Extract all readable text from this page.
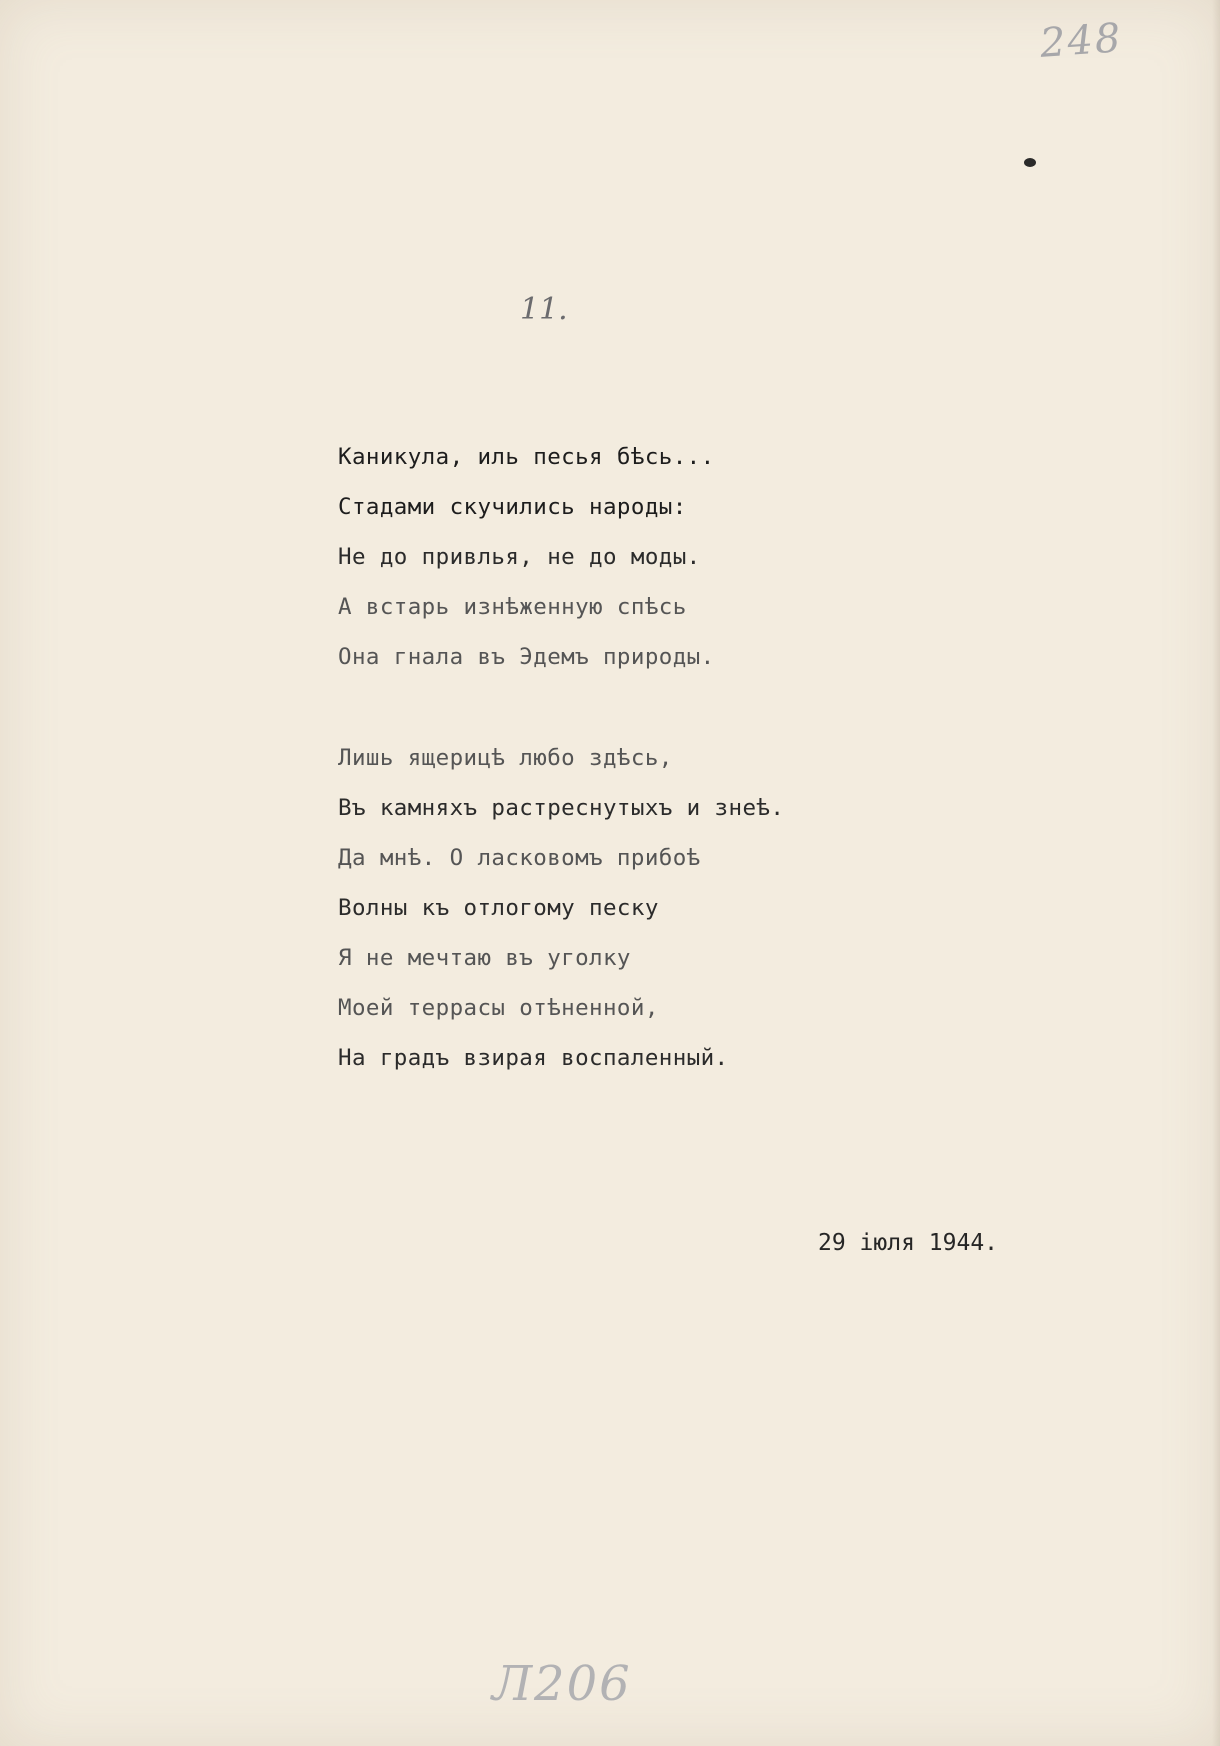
248
11.
Каникула, иль песья бѣсь...
Стадами скучились народы:
Не до привлья, не до моды.
А встарь изнѣженную спѣсь
Она гнала въ Эдемъ природы.
Лишь ящерицѣ любо здѣсь,
Въ камняхъ растреснутыхъ и знеѣ.
Да мнѣ. О ласковомъ прибоѣ
Волны къ отлогому песку
Я не мечтаю въ уголку
Моей террасы отѣненной,
На градъ взирая воспаленный.
29 іюля 1944.
Л206
